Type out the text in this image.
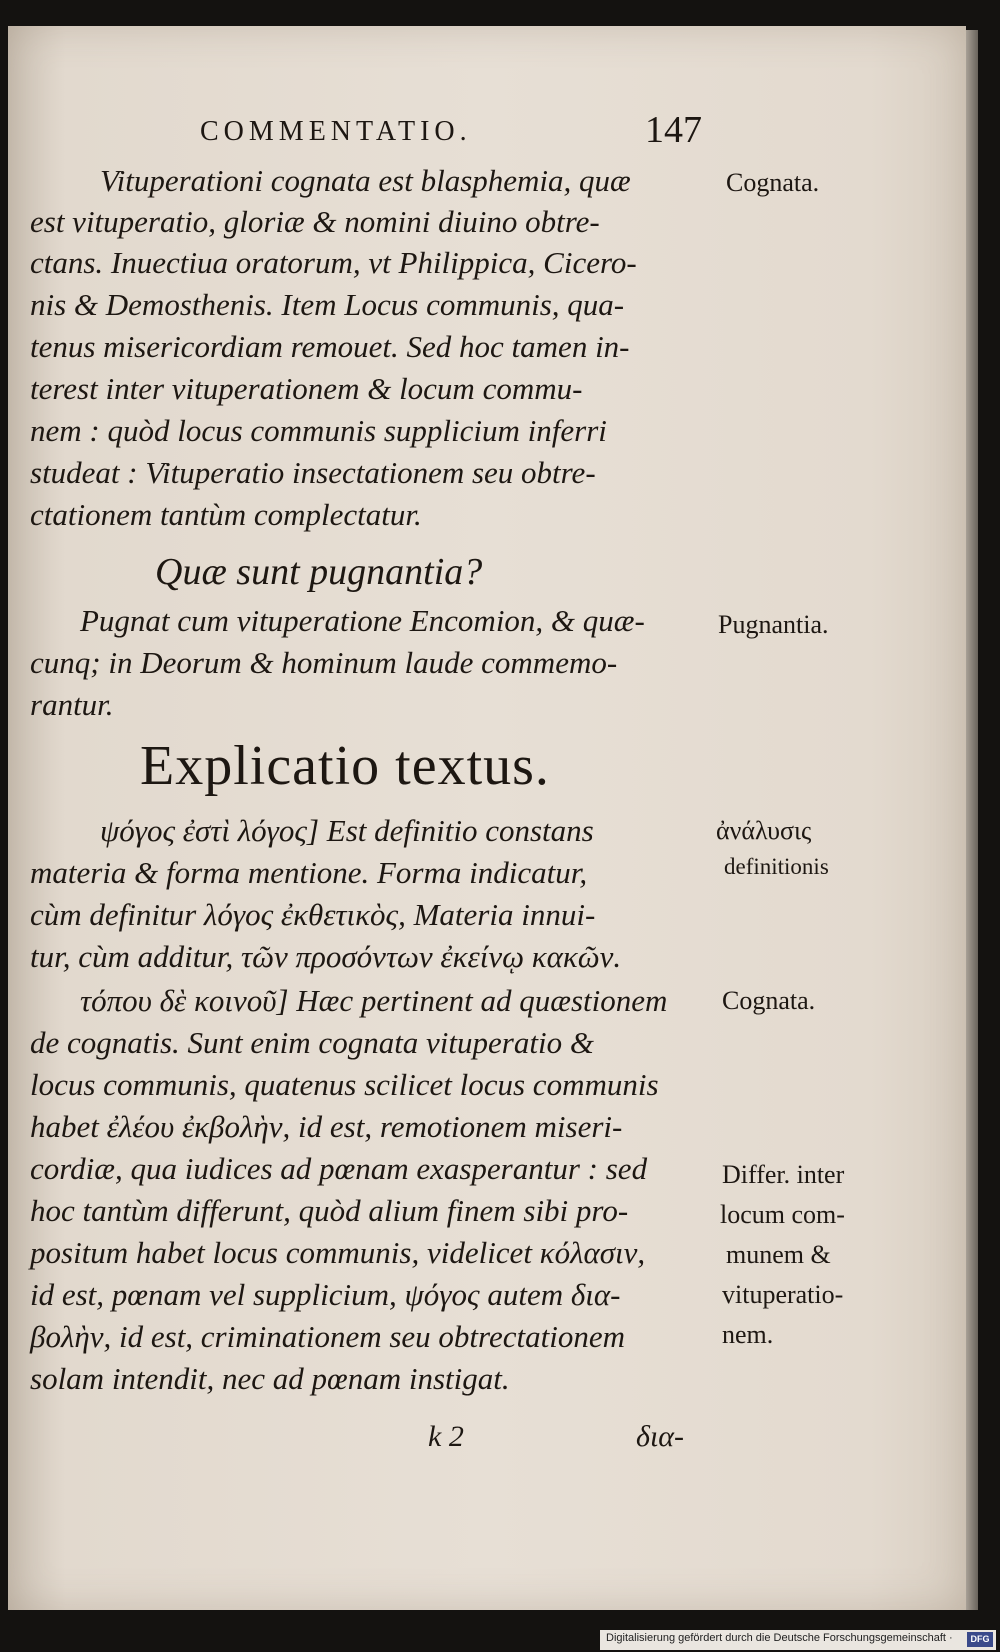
COMMENTATIO.	147
Vituperationi cognata est blasphemia, quæ
est vituperatio, gloriæ & nomini diuino obtre-
ctans. Inuectiua oratorum, vt Philippica, Cicero-
nis & Demosthenis. Item Locus communis, qua-
tenus misericordiam remouet. Sed hoc tamen in-
terest inter vituperationem & locum commu-
nem : quòd locus communis supplicium inferri
studeat : Vituperatio insectationem seu obtre-
ctationem tantùm complectatur.
Quæ sunt pugnantia?
Pugnat cum vituperatione Encomion, & quæ-
cunq; in Deorum & hominum laude commemo-
rantur.
Explicatio textus.
ψόγος ἐστὶ λόγος] Est definitio constans
materia & forma mentione. Forma indicatur,
cùm definitur λόγος ἐκθετικὸς, Materia innui-
tur, cùm additur, τῶν προσόντων ἐκείνῳ κακῶν.
τόπου δὲ κοινοῦ] Hæc pertinent ad quæstionem
de cognatis. Sunt enim cognata vituperatio &
locus communis, quatenus scilicet locus communis
habet ἐλέου ἐκβολὴν, id est, remotionem miseri-
cordiæ, qua iudices ad pœnam exasperantur : sed
hoc tantùm differunt, quòd alium finem sibi pro-
positum habet locus communis, videlicet κόλασιν,
id est, pœnam vel supplicium, ψόγος autem δια-
βολὴν, id est, criminationem seu obtrectationem
solam intendit, nec ad pœnam instigat.
Cognata.
Pugnantia.
ἀνάλυσις
definitionis
Cognata.
Differ. inter
locum com-
munem &
vituperatio-
nem.
k 2	δια-
Digitalisierung gefördert durch die Deutsche Forschungsgemeinschaft ·	DFG
